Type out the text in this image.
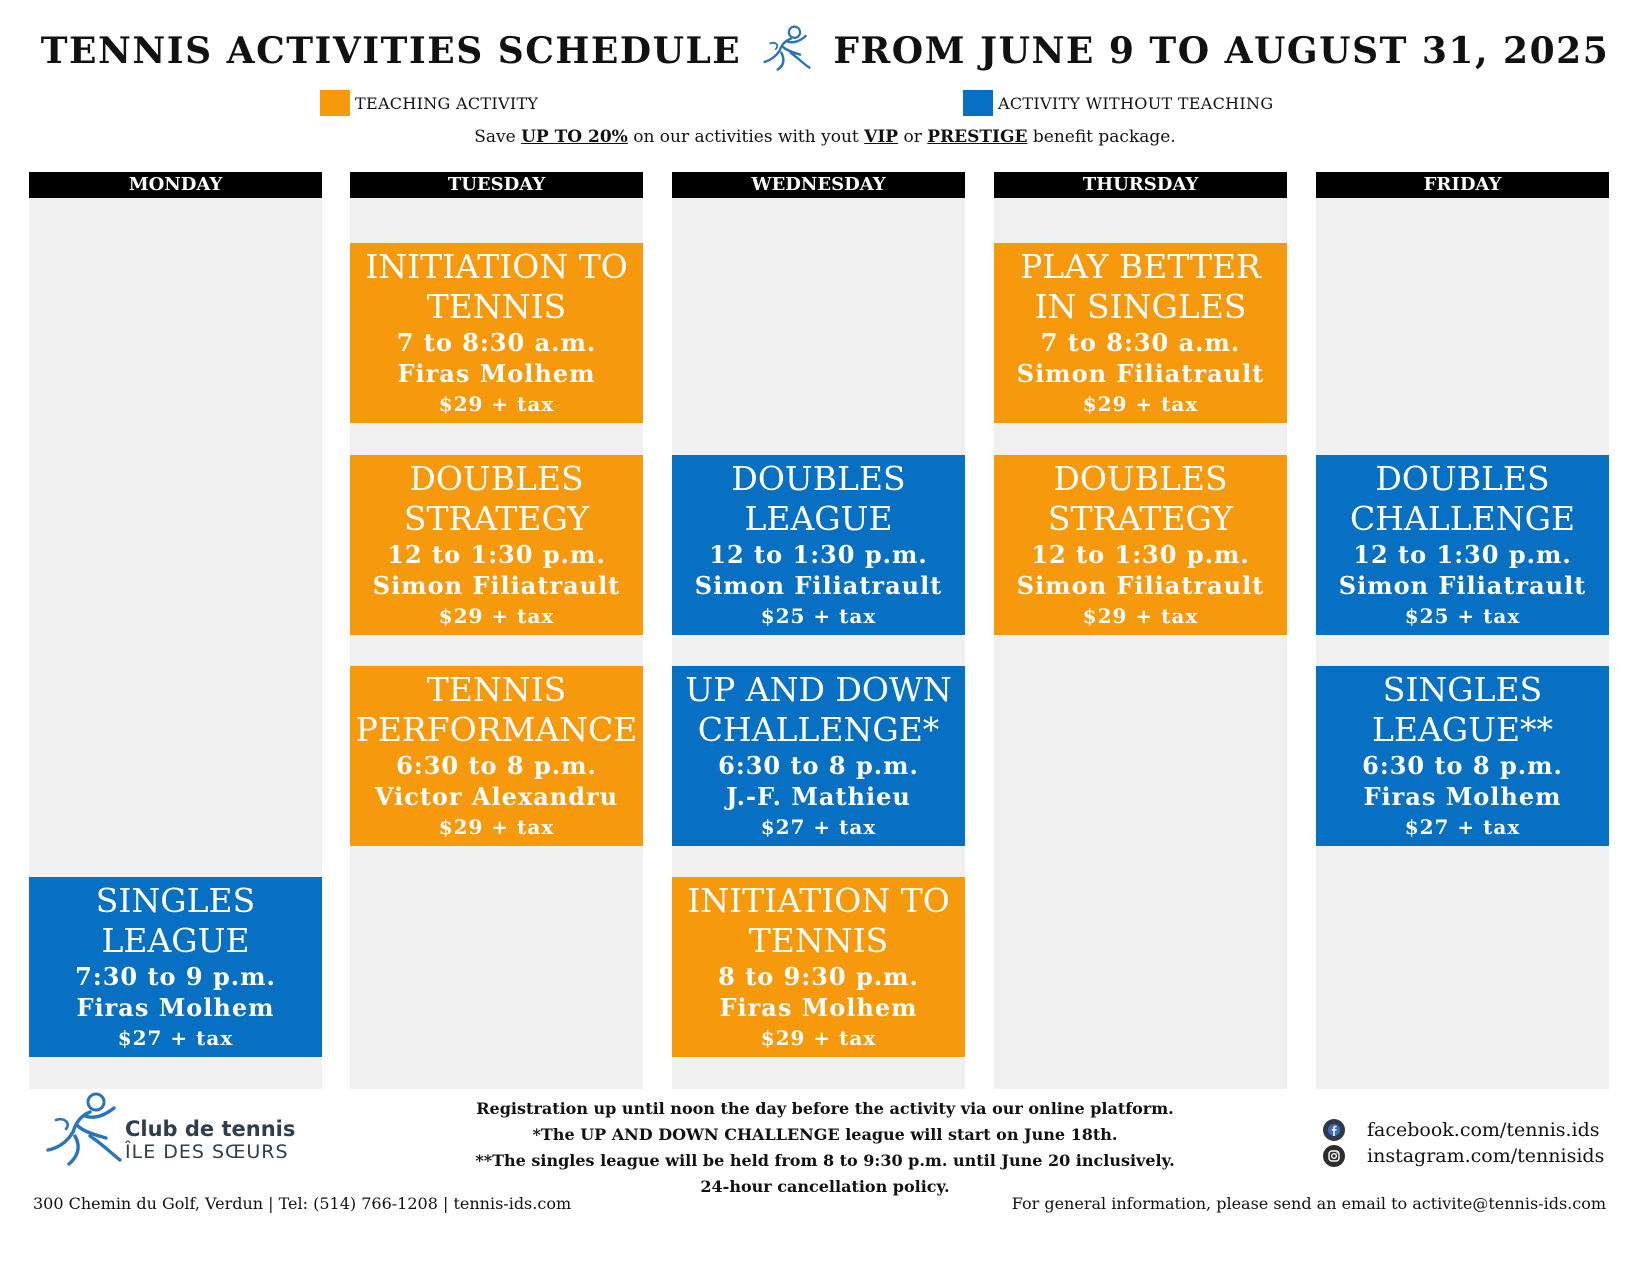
TENNIS ACTIVITIES SCHEDULE	FROM JUNE 9 TO AUGUST 31, 2025
TEACHING ACTIVITY	ACTIVITY WITHOUT TEACHING
Save UP TO 20% on our activities with yout VIP or PRESTIGE benefit package.
MONDAY
SINGLES LEAGUE
7:30 to 9 p.m.
Firas Molhem
$27 + tax
TUESDAY
INITIATION TO TENNIS
7 to 8:30 a.m.
Firas Molhem
$29 + tax
DOUBLES STRATEGY
12 to 1:30 p.m.
Simon Filiatrault
$29 + tax
TENNIS PERFORMANCE
6:30 to 8 p.m.
Victor Alexandru
$29 + tax
WEDNESDAY
DOUBLES LEAGUE
12 to 1:30 p.m.
Simon Filiatrault
$25 + tax
UP AND DOWN CHALLENGE*
6:30 to 8 p.m.
J.-F. Mathieu
$27 + tax
INITIATION TO TENNIS
8 to 9:30 p.m.
Firas Molhem
$29 + tax
THURSDAY
PLAY BETTER IN SINGLES
7 to 8:30 a.m.
Simon Filiatrault
$29 + tax
DOUBLES STRATEGY
12 to 1:30 p.m.
Simon Filiatrault
$29 + tax
FRIDAY
DOUBLES CHALLENGE
12 to 1:30 p.m.
Simon Filiatrault
$25 + tax
SINGLES LEAGUE**
6:30 to 8 p.m.
Firas Molhem
$27 + tax
Club de tennis
ÎLE DES SŒURS
Registration up until noon the day before the activity via our online platform.
*The UP AND DOWN CHALLENGE league will start on June 18th.
**The singles league will be held from 8 to 9:30 p.m. until June 20 inclusively.
24-hour cancellation policy.
facebook.com/tennis.ids
instagram.com/tennisids
300 Chemin du Golf, Verdun | Tel: (514) 766-1208 | tennis-ids.com	For general information, please send an email to activite@tennis-ids.com
